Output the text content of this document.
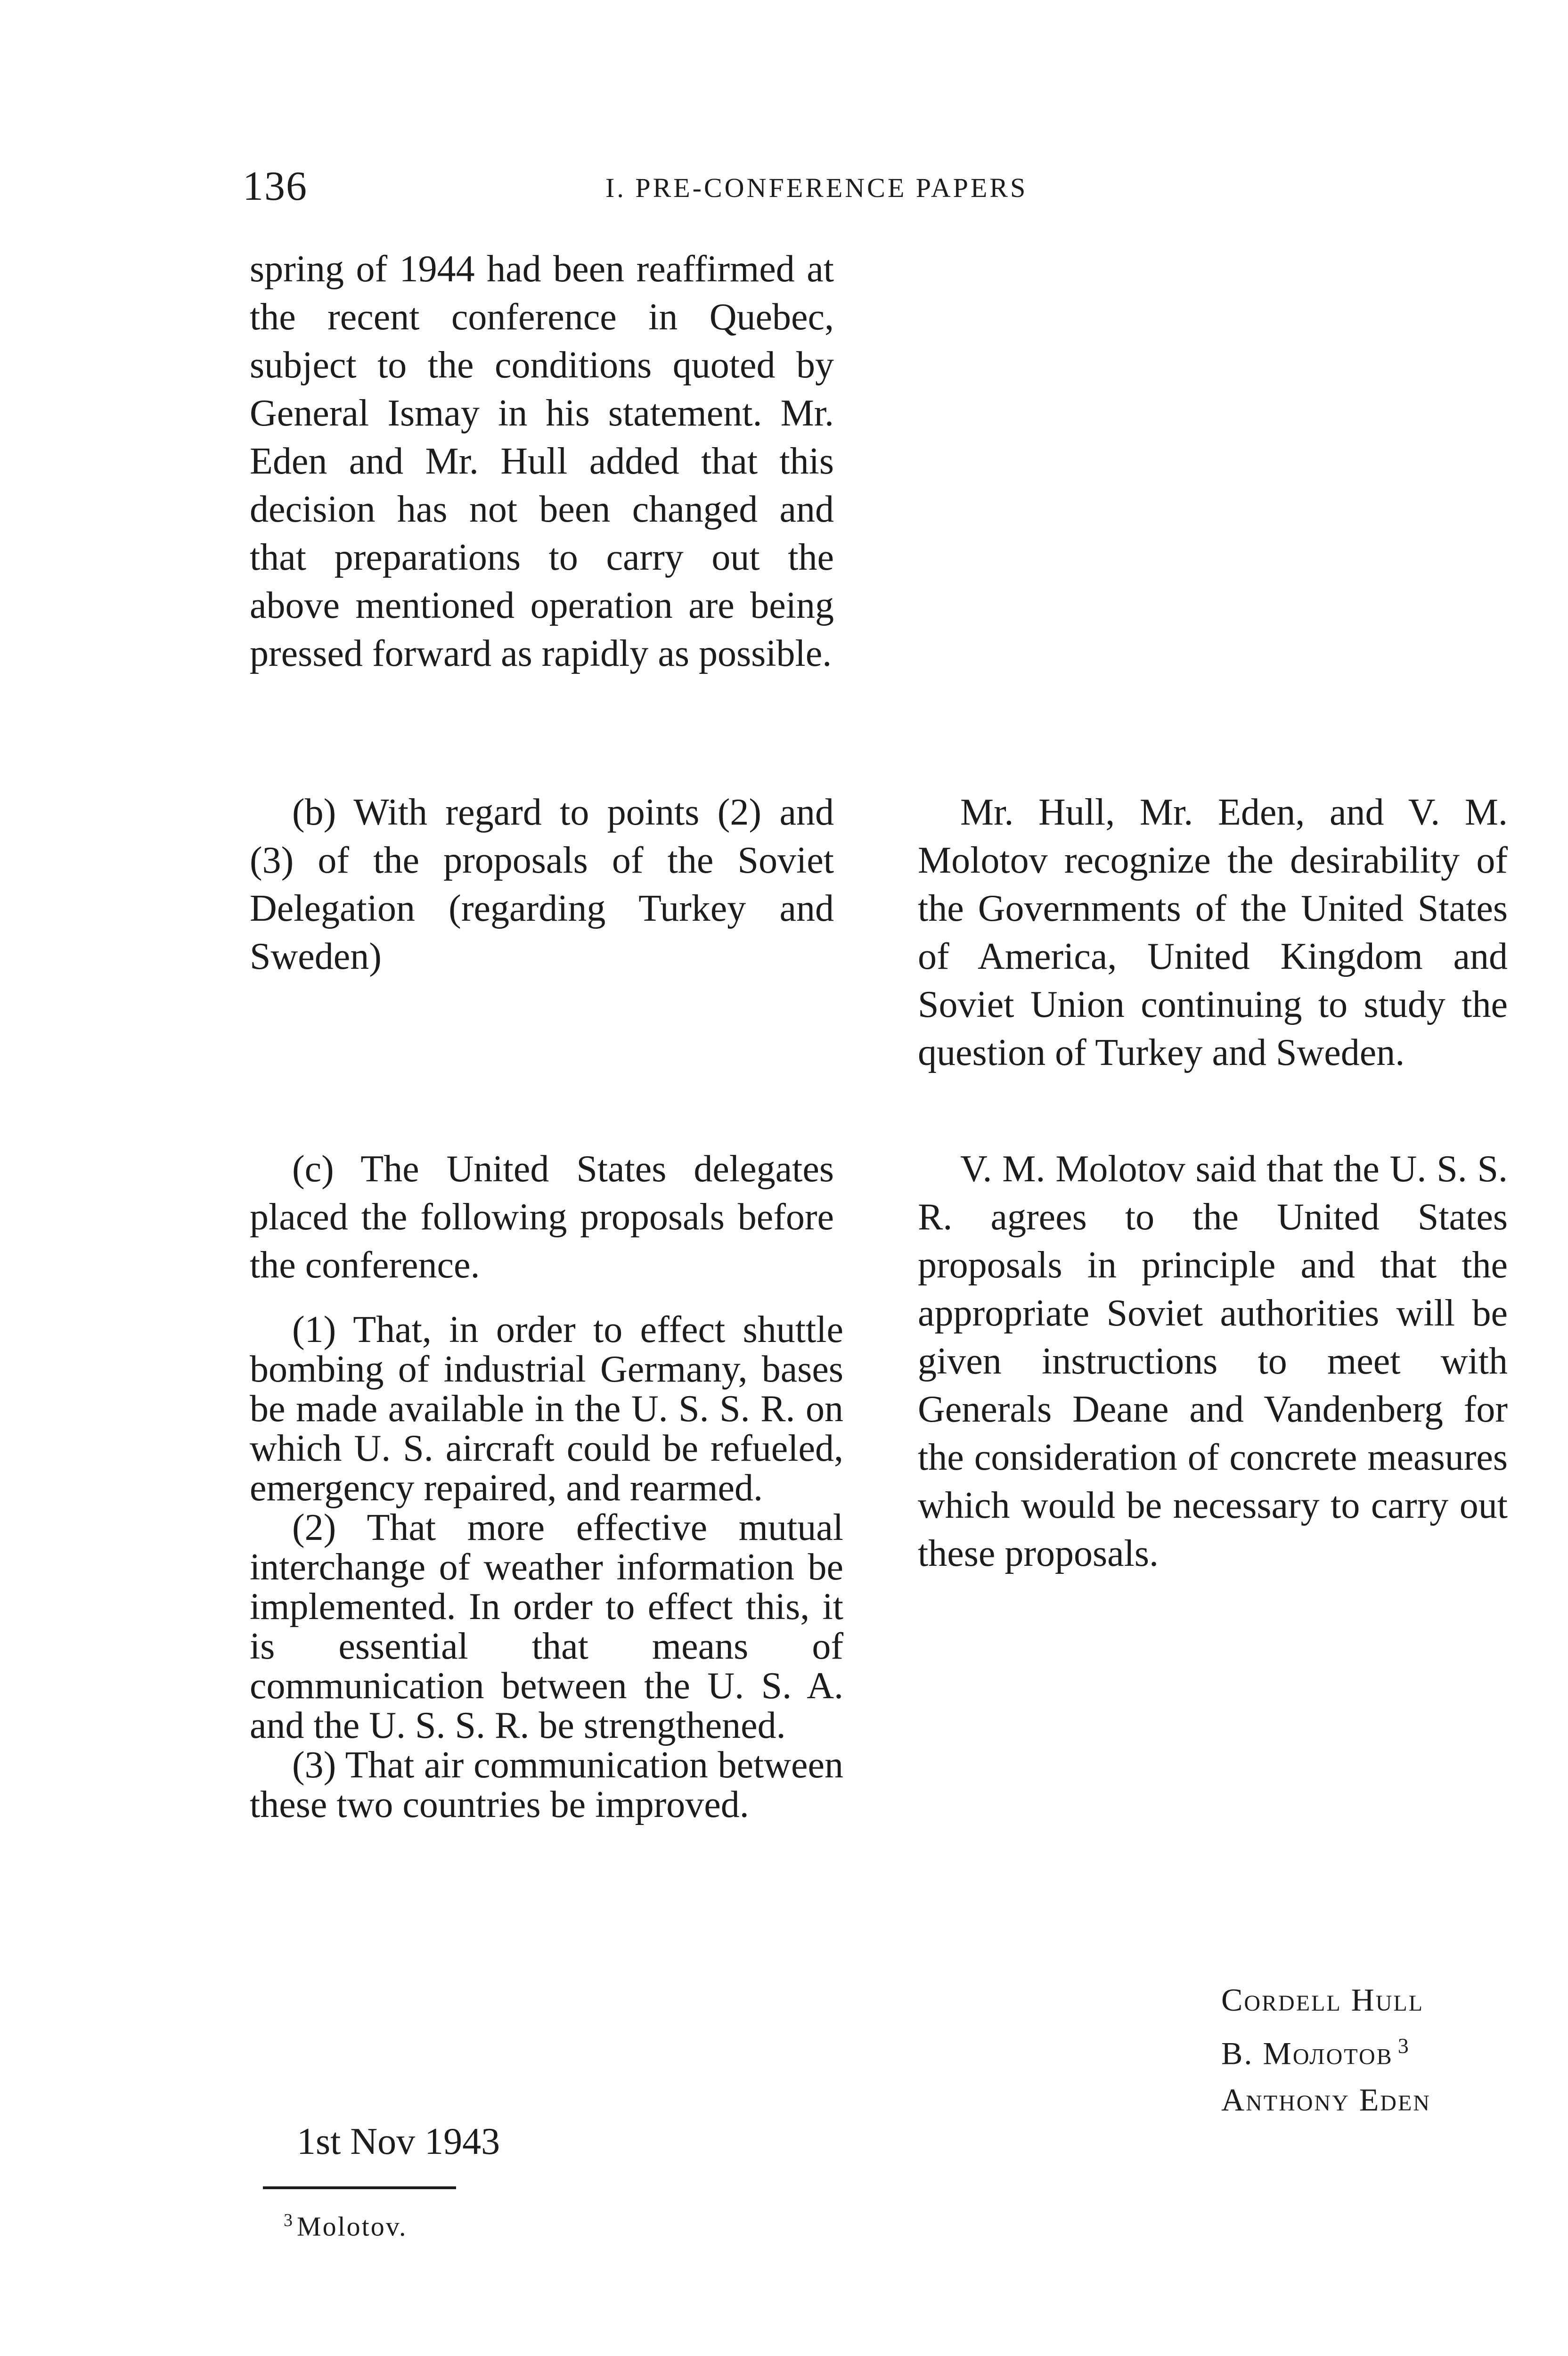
136	I. PRE-CONFERENCE PAPERS

spring of 1944 had been reaffirmed at the recent conference in Quebec, subject to the conditions quoted by General Ismay in his statement. Mr. Eden and Mr. Hull added that this decision has not been changed and that preparations to carry out the above mentioned operation are being pressed forward as rapidly as possible.

(b) With regard to points (2) and (3) of the proposals of the Soviet Delegation (regarding Turkey and Sweden)

Mr. Hull, Mr. Eden, and V. M. Molotov recognize the desirability of the Governments of the United States of America, United Kingdom and Soviet Union continuing to study the question of Turkey and Sweden.

(c) The United States delegates placed the following proposals before the conference.

V. M. Molotov said that the U. S. S. R. agrees to the United States proposals in principle and that the appropriate Soviet authorities will be given instructions to meet with Generals Deane and Vandenberg for the consideration of concrete measures which would be necessary to carry out these proposals.

(1) That, in order to effect shuttle bombing of industrial Germany, bases be made available in the U. S. S. R. on which U. S. aircraft could be refueled, emergency repaired, and rearmed.

(2) That more effective mutual interchange of weather information be implemented. In order to effect this, it is essential that means of communication between the U. S. A. and the U. S. S. R. be strengthened.

(3) That air communication between these two countries be improved.

Cordell Hull
B. Молотов $^3$
Anthony Eden
1st Nov 1943
$^3$ Molotov.
